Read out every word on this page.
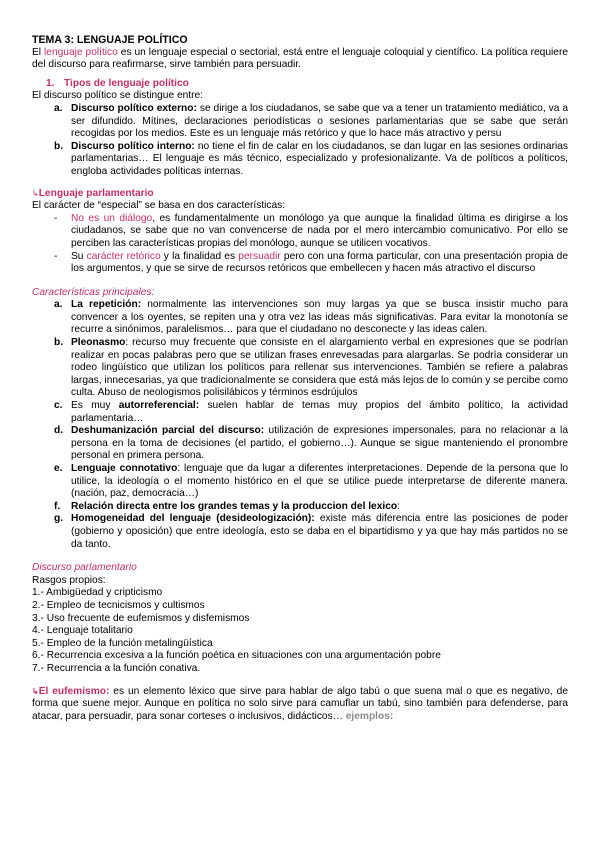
TEMA 3: LENGUAJE POLÍTICO

El lenguaje político es un lenguaje especial o sectorial, está entre el lenguaje coloquial y científico. La política requiere del discurso para reafirmarse, sirve también para persuadir.

1. Tipos de lenguaje político

El discurso político se distingue entre:

a. Discurso político externo: se dirige a los ciudadanos, se sabe que va a tener un tratamiento mediático, va a ser difundido. Mítines, declaraciones periodísticas o sesiones parlamentarias que se sabe que serán recogidas por los medios. Este es un lenguaje más retórico y que lo hace más atractivo y persu
b. Discurso político interno: no tiene el fin de calar en los ciudadanos, se dan lugar en las sesiones ordinarias parlamentarias… El lenguaje es más técnico, especializado y profesionalizante. Va de políticos a políticos, engloba actividades políticas internas.

↳Lenguaje parlamentario

El carácter de “especial” se basa en dos características:

- No es un diálogo, es fundamentalmente un monólogo ya que aunque la finalidad última es dirigirse a los ciudadanos, se sabe que no van convencerse de nada por el mero intercambio comunicativo. Por ello se perciben las características propias del monólogo, aunque se utilicen vocativos.
- Su carácter retórico y la finalidad es persuadir pero con una forma particular, con una presentación propia de los argumentos, y que se sirve de recursos retóricos que embellecen y hacen más atractivo el discurso

Características principales:

a. La repetición: normalmente las intervenciones son muy largas ya que se busca insistir mucho para convencer a los oyentes, se repiten una y otra vez las ideas más significativas. Para evitar la monotonía se recurre a sinónimos, paralelismos… para que el ciudadano no desconecte y las ideas calen.
b. Pleonasmo: recurso muy frecuente que consiste en el alargamiento verbal en expresiones que se podrían realizar en pocas palabras pero que se utilizan frases enrevesadas para alargarlas. Se podría considerar un rodeo lingüístico que utilizan los políticos para rellenar sus intervenciones. También se refiere a palabras largas, innecesarias, ya que tradicionalmente se considera que está más lejos de lo común y se percibe como culta. Abuso de neologismos polisilábicos y términos esdrújulos
c. Es muy autorreferencial: suelen hablar de temas muy propios del ámbito político, la actividad parlamentaria…
d. Deshumanización parcial del discurso: utilización de expresiones impersonales, para no relacionar a la persona en la toma de decisiones (el partido, el gobierno…). Aunque se sigue manteniendo el pronombre personal en primera persona.
e. Lenguaje connotativo: lenguaje que da lugar a diferentes interpretaciones. Depende de la persona que lo utilice, la ideología o el momento histórico en el que se utilice puede interpretarse de diferente manera. (nación, paz, democracia…)
f. Relación directa entre los grandes temas y la produccion del lexico:
g. Homogeneidad del lenguaje (desideologización): existe más diferencia entre las posiciones de poder (gobierno y oposición) que entre ideología, esto se daba en el bipartidismo y ya que hay más partidos no se da tanto.

Discurso parlamentario

Rasgos propios:

1.- Ambigüedad y cripticismo

2.- Empleo de tecnicismos y cultismos

3.- Uso frecuente de eufemismos y disfemismos

4.- Lenguaje totalitario

5.- Empleo de la función metalingüística

6.- Recurrencia excesiva a la función poética en situaciones con una argumentación pobre

7.- Recurrencia a la función conativa.

↳El eufemismo: es un elemento léxico que sirve para hablar de algo tabú o que suena mal o que es negativo, de forma que suene mejor. Aunque en política no solo sirve para camuflar un tabú, sino también para defenderse, para atacar, para persuadir, para sonar corteses o inclusivos, didácticos… ejemplos:
